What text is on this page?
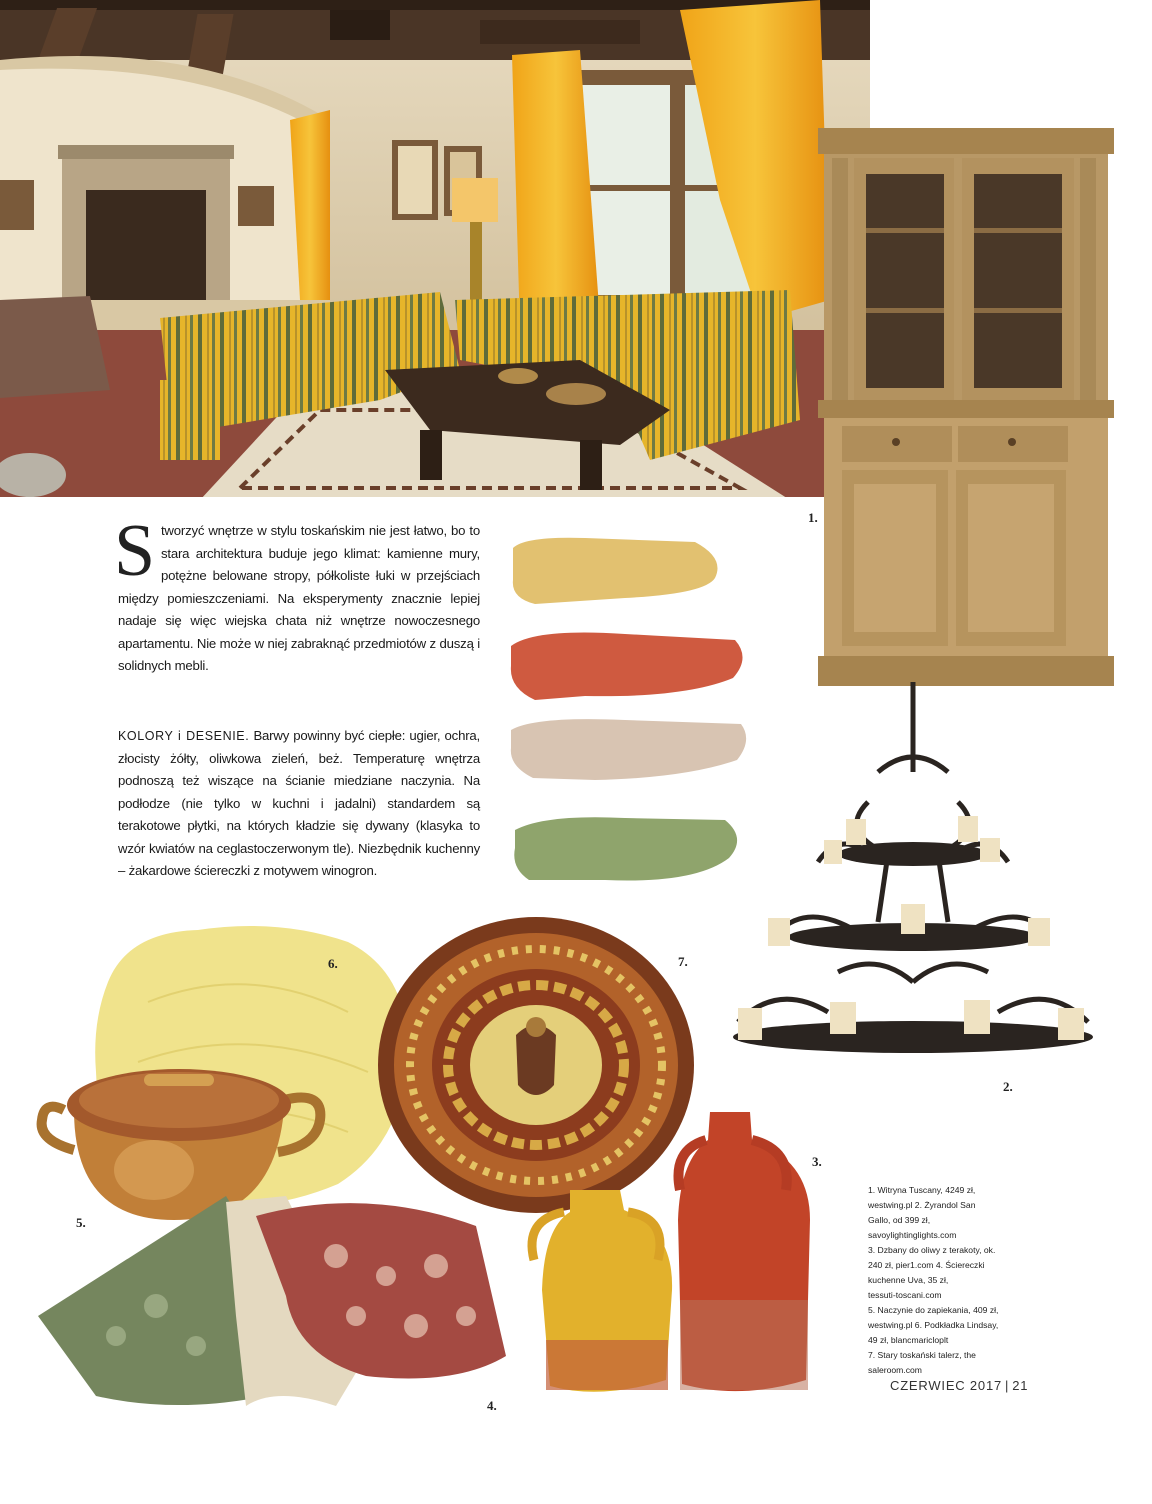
1.
S tworzyć wnętrze w stylu toskańskim nie jest łatwo, bo to stara architektura buduje jego klimat: kamienne mury, potężne belowane stropy, półkoliste łuki w przejściach między pomieszczeniami. Na eksperymenty znacznie lepiej nadaje się więc wiejska chata niż wnętrze nowoczesnego apartamentu. Nie może w niej zabraknąć przedmiotów z duszą i solidnych mebli.
KOLORY i DESENIE. Barwy powinny być ciepłe: ugier, ochra, złocisty żółty, oliwkowa zieleń, beż. Temperaturę wnętrza podnoszą też wiszące na ścianie miedziane naczynia. Na podłodze (nie tylko w kuchni i jadalni) standardem są terakotowe płytki, na których kładzie się dywany (klasyka to wzór kwiatów na ceglastoczerwonym tle). Niezbędnik kuchenny – żakardowe ściereczki z motywem winogron.
2.
6.	7.
5.
4.
3.
1. Witryna Tuscany, 4249 zł,
westwing.pl 2. Żyrandol San
Gallo, od 399 zł,
savoylightinglights.com
3. Dzbany do oliwy z terakoty, ok.
240 zł, pier1.com 4. Ściereczki
kuchenne Uva, 35 zł,
tessuti-toscani.com
5. Naczynie do zapiekania, 409 zł,
westwing.pl 6. Podkładka Lindsay,
49 zł, blancmaricloplt
7. Stary toskański talerz, the
saleroom.com
CZERWIEC 2017 | 21
